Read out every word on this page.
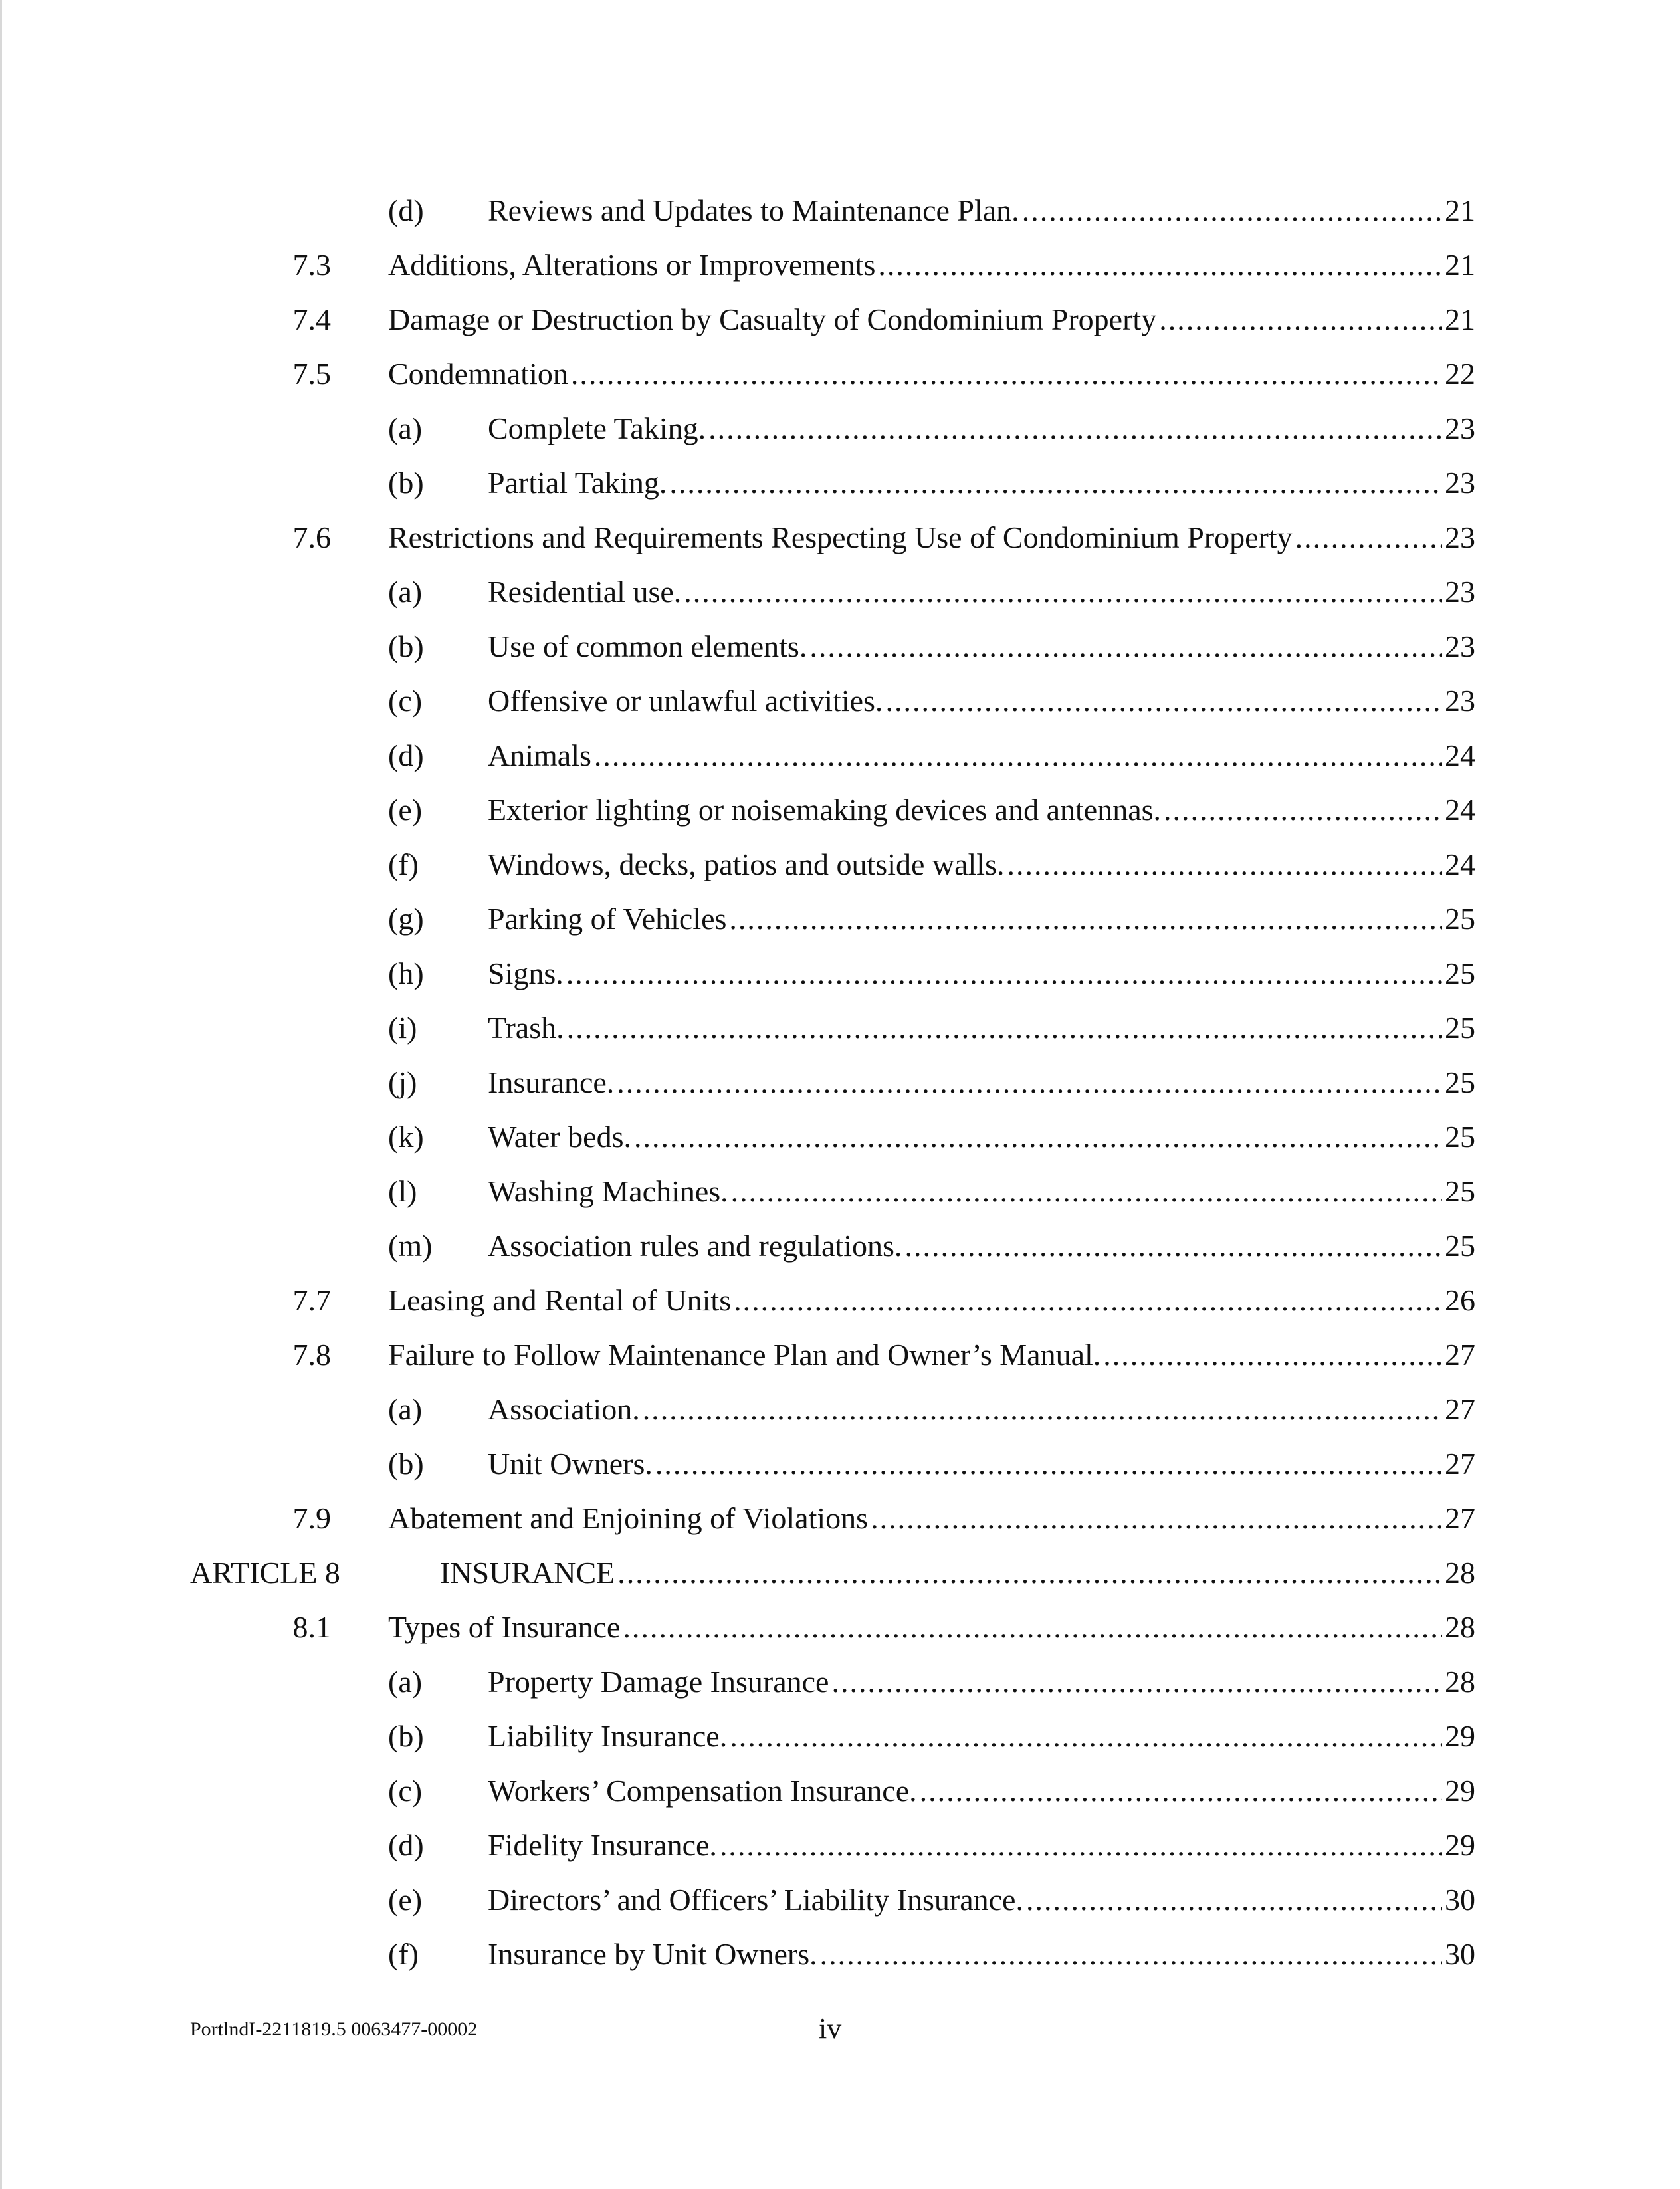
(d) Reviews and Updates to Maintenance Plan. .....	21
7.3 Additions, Alterations or Improvements .....	21
7.4 Damage or Destruction by Casualty of Condominium Property .....	21
7.5 Condemnation .....	22
(a) Complete Taking. .....	23
(b) Partial Taking. .....	23
7.6 Restrictions and Requirements Respecting Use of Condominium Property .....	23
(a) Residential use. .....	23
(b) Use of common elements. .....	23
(c) Offensive or unlawful activities. .....	23
(d) Animals .....	24
(e) Exterior lighting or noisemaking devices and antennas. .....	24
(f) Windows, decks, patios and outside walls. .....	24
(g) Parking of Vehicles .....	25
(h) Signs. .....	25
(i) Trash. .....	25
(j) Insurance. .....	25
(k) Water beds. .....	25
(l) Washing Machines. .....	25
(m) Association rules and regulations. .....	25
7.7 Leasing and Rental of Units .....	26
7.8 Failure to Follow Maintenance Plan and Owner’s Manual. .....	27
(a) Association. .....	27
(b) Unit Owners. .....	27
7.9 Abatement and Enjoining of Violations .....	27
ARTICLE 8	INSURANCE .....	28
8.1 Types of Insurance .....	28
(a) Property Damage Insurance .....	28
(b) Liability Insurance. .....	29
(c) Workers’ Compensation Insurance. .....	29
(d) Fidelity Insurance. .....	29
(e) Directors’ and Officers’ Liability Insurance. .....	30
(f) Insurance by Unit Owners. .....	30
PortlndI-2211819.5 0063477-00002	iv
